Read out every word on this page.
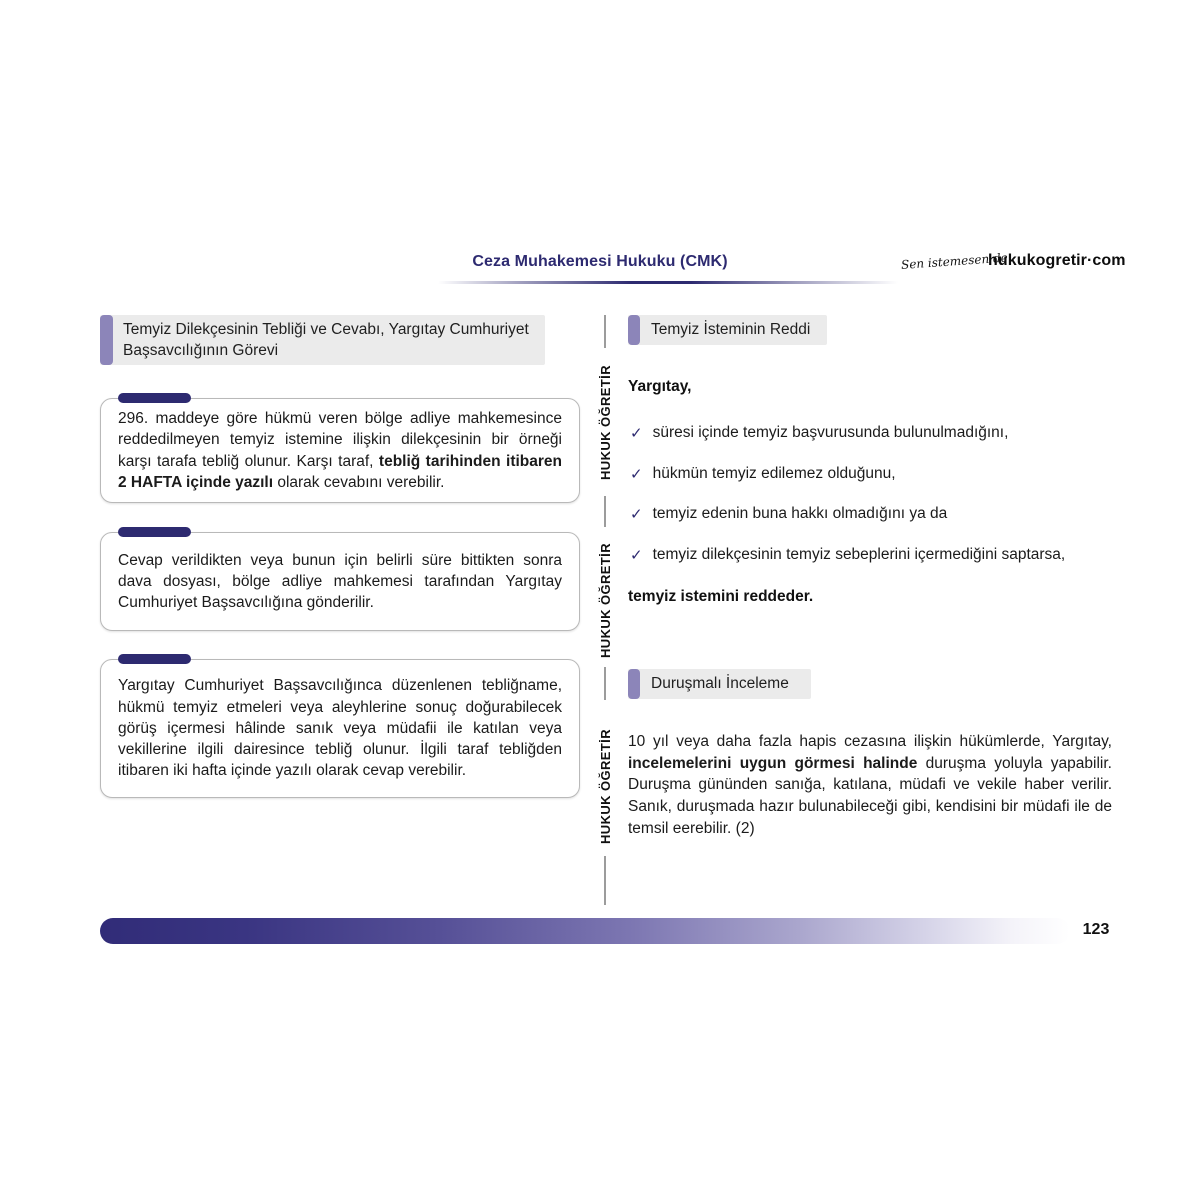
Ceza Muhakemesi Hukuku (CMK)	Sen istemesen de
hukukogretir·com
Temyiz Dilekçesinin Tebliği ve Cevabı, Yargıtay Cumhuriyet Başsavcılığının Görevi

296. maddeye göre hükmü veren bölge adliye mahkemesince reddedilmeyen temyiz istemine ilişkin dilekçesinin bir örneği karşı tarafa tebliğ olunur. Karşı taraf, tebliğ tarihinden itibaren 2 HAFTA içinde yazılı olarak cevabını verebilir.

Cevap verildikten veya bunun için belirli süre bittikten sonra dava dosyası, bölge adliye mahkemesi tarafından Yargıtay Cumhuriyet Başsavcılığına gönderilir.

Yargıtay Cumhuriyet Başsavcılığınca düzenlenen tebliğname, hükmü temyiz etmeleri veya aleyhlerine sonuç doğurabilecek görüş içermesi hâlinde sanık veya müdafii ile katılan veya vekillerine ilgili dairesince tebliğ olunur. İlgili taraf tebliğden itibaren iki hafta içinde yazılı olarak cevap verebilir.

HUKUK ÖĞRETİR
HUKUK ÖĞRETİR
HUKUK ÖĞRETİR
Temyiz İsteminin Reddi
Yargıtay,
✓ süresi içinde temyiz başvurusunda bulunulmadığını,
✓ hükmün temyiz edilemez olduğunu,
✓ temyiz edenin buna hakkı olmadığını ya da
✓ temyiz dilekçesinin temyiz sebeplerini içermediğini saptarsa,
temyiz istemini reddeder.
Duruşmalı İnceleme

10 yıl veya daha fazla hapis cezasına ilişkin hükümlerde, Yargıtay, incelemelerini uygun görmesi halinde duruşma yoluyla yapabilir. Duruşma gününden sanığa, katılana, müdafi ve vekile haber verilir. Sanık, duruşmada hazır bulunabileceği gibi, kendisini bir müdafi ile de temsil eerebilir. (2)

123
